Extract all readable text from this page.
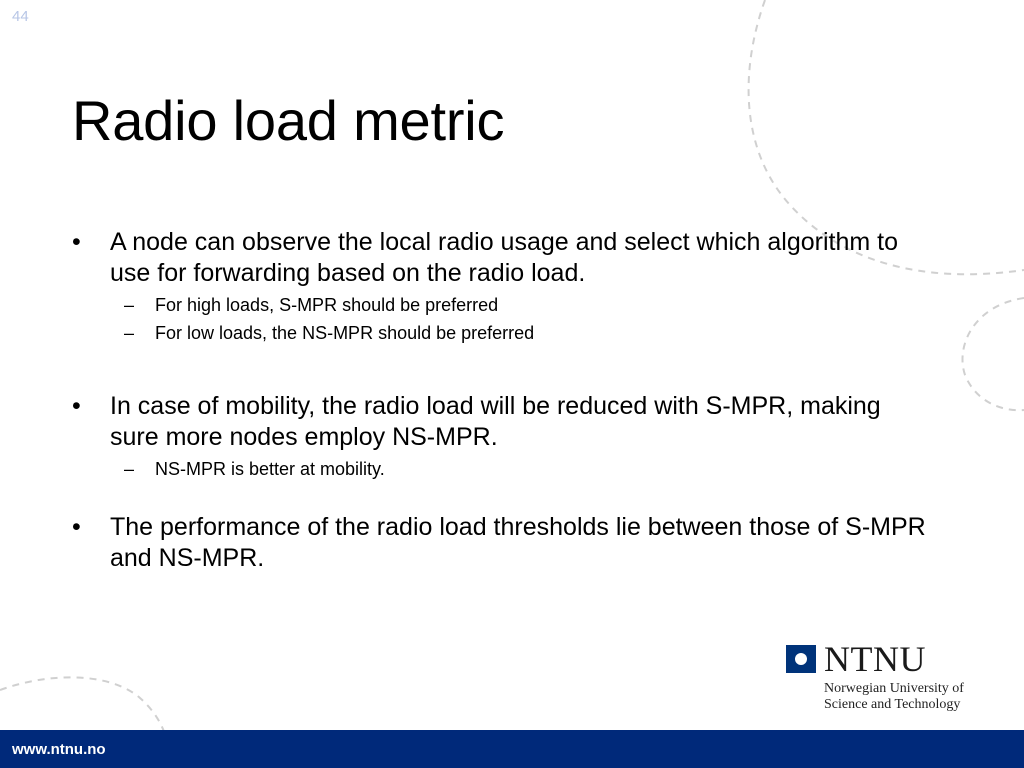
44
Radio load metric
• A node can observe the local radio usage and select which algorithm to use for forwarding based on the radio load.
– For high loads, S-MPR should be preferred
– For low loads, the NS-MPR should be preferred
• In case of mobility, the radio load will be reduced with S-MPR, making sure more nodes employ NS-MPR.
– NS-MPR is better at mobility.
• The performance of the radio load thresholds lie between those of S-MPR and NS-MPR.
NTNU
Norwegian University of
Science and Technology
www.ntnu.no
